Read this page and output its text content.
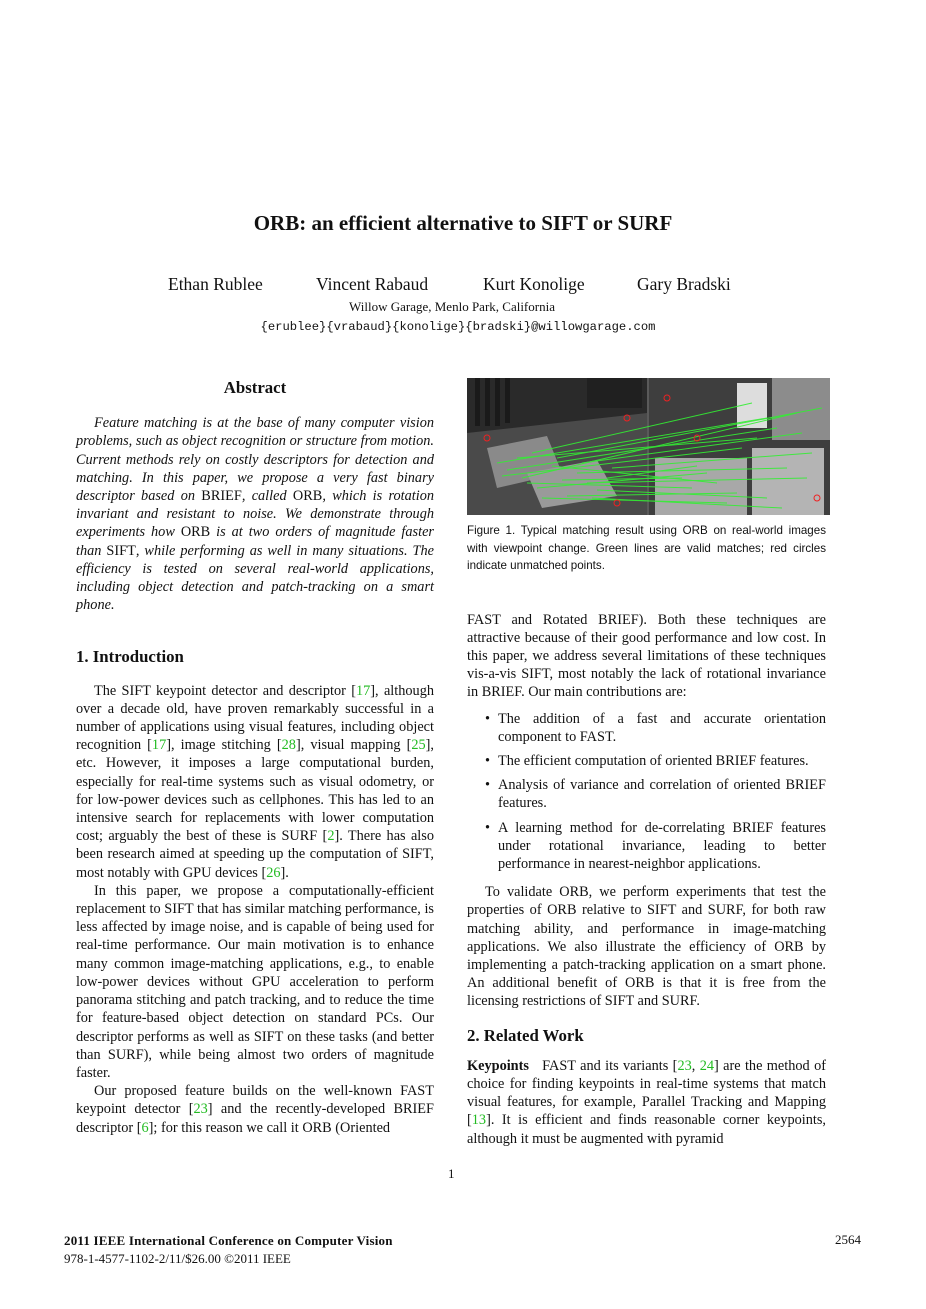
ORB: an efficient alternative to SIFT or SURF
Ethan Rublee	Vincent Rabaud	Kurt Konolige	Gary Bradski
Willow Garage, Menlo Park, California
{erublee}{vrabaud}{konolige}{bradski}@willowgarage.com
Abstract

Feature matching is at the base of many computer vision problems, such as object recognition or structure from motion. Current methods rely on costly descriptors for detection and matching. In this paper, we propose a very fast binary descriptor based on BRIEF, called ORB, which is rotation invariant and resistant to noise. We demonstrate through experiments how ORB is at two orders of magnitude faster than SIFT, while performing as well in many situations. The efficiency is tested on several real-world applications, including object detection and patch-tracking on a smart phone.

1. Introduction

The SIFT keypoint detector and descriptor [17], although over a decade old, have proven remarkably successful in a number of applications using visual features, including object recognition [17], image stitching [28], visual mapping [25], etc. However, it imposes a large computational burden, especially for real-time systems such as visual odometry, or for low-power devices such as cellphones. This has led to an intensive search for replacements with lower computation cost; arguably the best of these is SURF [2]. There has also been research aimed at speeding up the computation of SIFT, most notably with GPU devices [26].

In this paper, we propose a computationally-efficient replacement to SIFT that has similar matching performance, is less affected by image noise, and is capable of being used for real-time performance. Our main motivation is to enhance many common image-matching applications, e.g., to enable low-power devices without GPU acceleration to perform panorama stitching and patch tracking, and to reduce the time for feature-based object detection on standard PCs. Our descriptor performs as well as SIFT on these tasks (and better than SURF), while being almost two orders of magnitude faster.

Our proposed feature builds on the well-known FAST keypoint detector [23] and the recently-developed BRIEF descriptor [6]; for this reason we call it ORB (Oriented

Figure 1. Typical matching result using ORB on real-world images with viewpoint change. Green lines are valid matches; red circles indicate unmatched points.

FAST and Rotated BRIEF). Both these techniques are attractive because of their good performance and low cost. In this paper, we address several limitations of these techniques vis-a-vis SIFT, most notably the lack of rotational invariance in BRIEF. Our main contributions are:

• The addition of a fast and accurate orientation component to FAST.
• The efficient computation of oriented BRIEF features.
• Analysis of variance and correlation of oriented BRIEF features.
• A learning method for de-correlating BRIEF features under rotational invariance, leading to better performance in nearest-neighbor applications.

To validate ORB, we perform experiments that test the properties of ORB relative to SIFT and SURF, for both raw matching ability, and performance in image-matching applications. We also illustrate the efficiency of ORB by implementing a patch-tracking application on a smart phone. An additional benefit of ORB is that it is free from the licensing restrictions of SIFT and SURF.

2. Related Work

Keypoints FAST and its variants [23, 24] are the method of choice for finding keypoints in real-time systems that match visual features, for example, Parallel Tracking and Mapping [13]. It is efficient and finds reasonable corner keypoints, although it must be augmented with pyramid

1
2011 IEEE International Conference on Computer Vision
978-1-4577-1102-2/11/$26.00 ©2011 IEEE
2564
